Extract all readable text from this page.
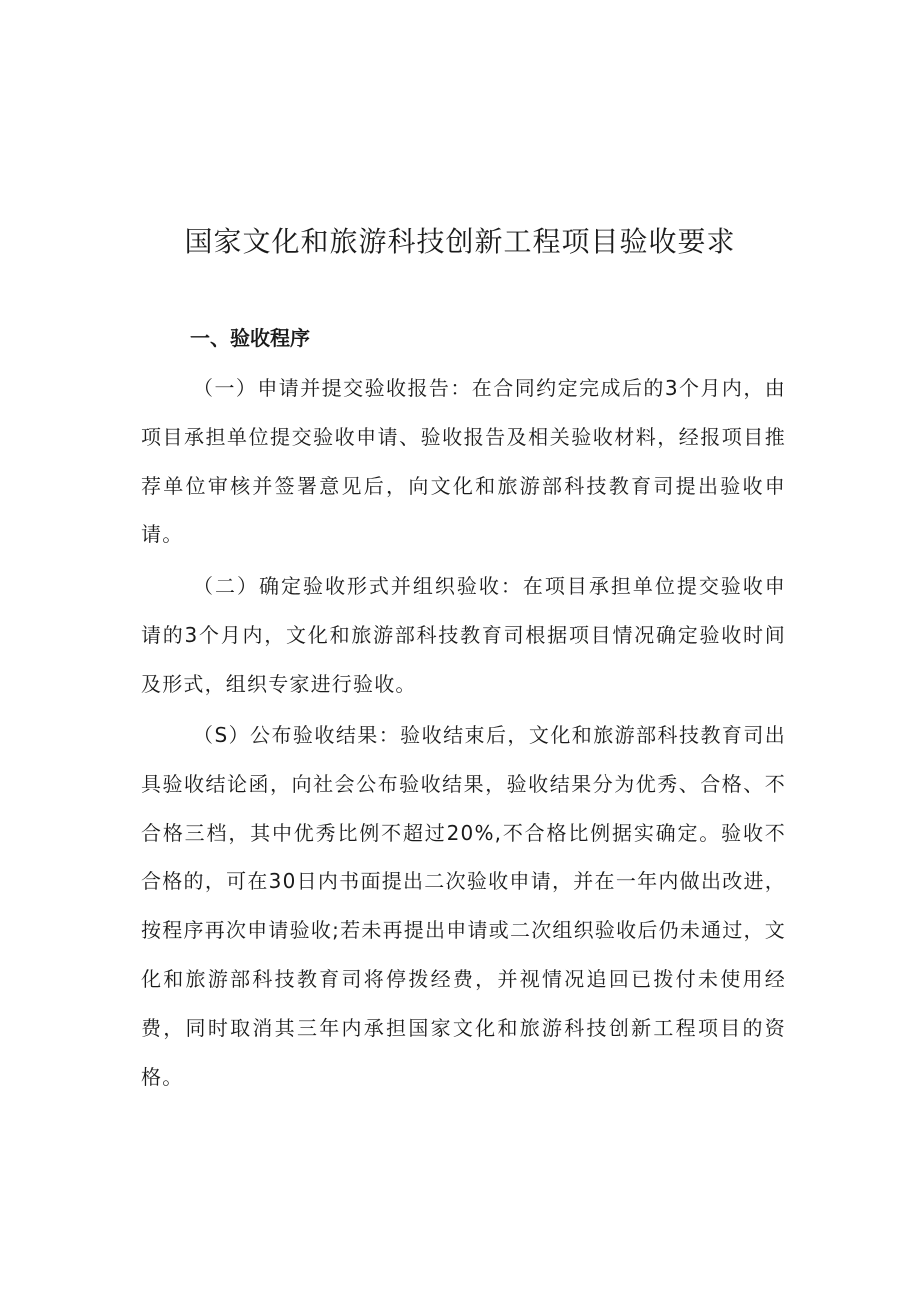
国家文化和旅游科技创新工程项目验收要求
一、验收程序

（一）申请并提交验收报告：在合同约定完成后的3个月内，由项目承担单位提交验收申请、验收报告及相关验收材料，经报项目推荐单位审核并签署意见后，向文化和旅游部科技教育司提出验收申请。

（二）确定验收形式并组织验收：在项目承担单位提交验收申请的3个月内，文化和旅游部科技教育司根据项目情况确定验收时间及形式，组织专家进行验收。

（S）公布验收结果：验收结束后，文化和旅游部科技教育司出具验收结论函，向社会公布验收结果，验收结果分为优秀、合格、不合格三档，其中优秀比例不超过20%,不合格比例据实确定。验收不合格的，可在30日内书面提出二次验收申请，并在一年内做出改进，按程序再次申请验收;若未再提出申请或二次组织验收后仍未通过，文化和旅游部科技教育司将停拨经费，并视情况追回已拨付未使用经费，同时取消其三年内承担国家文化和旅游科技创新工程项目的资格。
